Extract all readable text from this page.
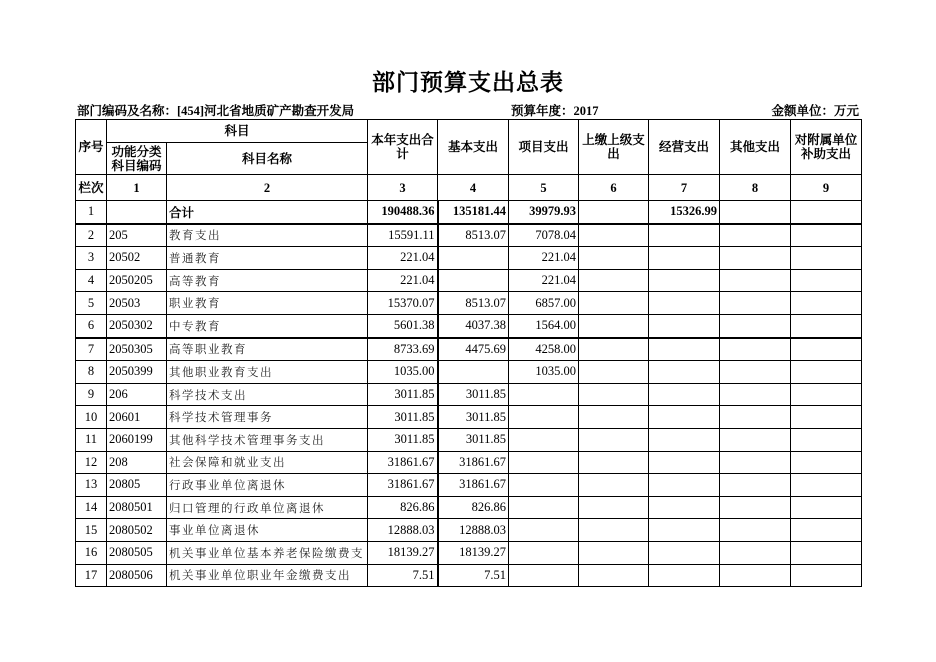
部门预算支出总表
部门编码及名称：[454]河北省地质矿产勘查开发局	预算年度：2017	金额单位：万元
序号	科目		本年支出合计	基本支出	项目支出	上缴上级支出	经营支出	其他支出	对附属单位补助支出
	功能分类科目编码	科目名称							
栏次	1	2	3	4	5	6	7	8	9
1		合计	190488.36	135181.44	39979.93		15326.99		
2	205	教育支出	15591.11	8513.07	7078.04				
3	20502	普通教育	221.04		221.04				
4	2050205	高等教育	221.04		221.04				
5	20503	职业教育	15370.07	8513.07	6857.00				
6	2050302	中专教育	5601.38	4037.38	1564.00				
7	2050305	高等职业教育	8733.69	4475.69	4258.00				
8	2050399	其他职业教育支出	1035.00		1035.00				
9	206	科学技术支出	3011.85	3011.85					
10	20601	科学技术管理事务	3011.85	3011.85					
11	2060199	其他科学技术管理事务支出	3011.85	3011.85					
12	208	社会保障和就业支出	31861.67	31861.67					
13	20805	行政事业单位离退休	31861.67	31861.67					
14	2080501	归口管理的行政单位离退休	826.86	826.86					
15	2080502	事业单位离退休	12888.03	12888.03					
16	2080505	机关事业单位基本养老保险缴费支	18139.27	18139.27					
17	2080506	机关事业单位职业年金缴费支出	7.51	7.51					
